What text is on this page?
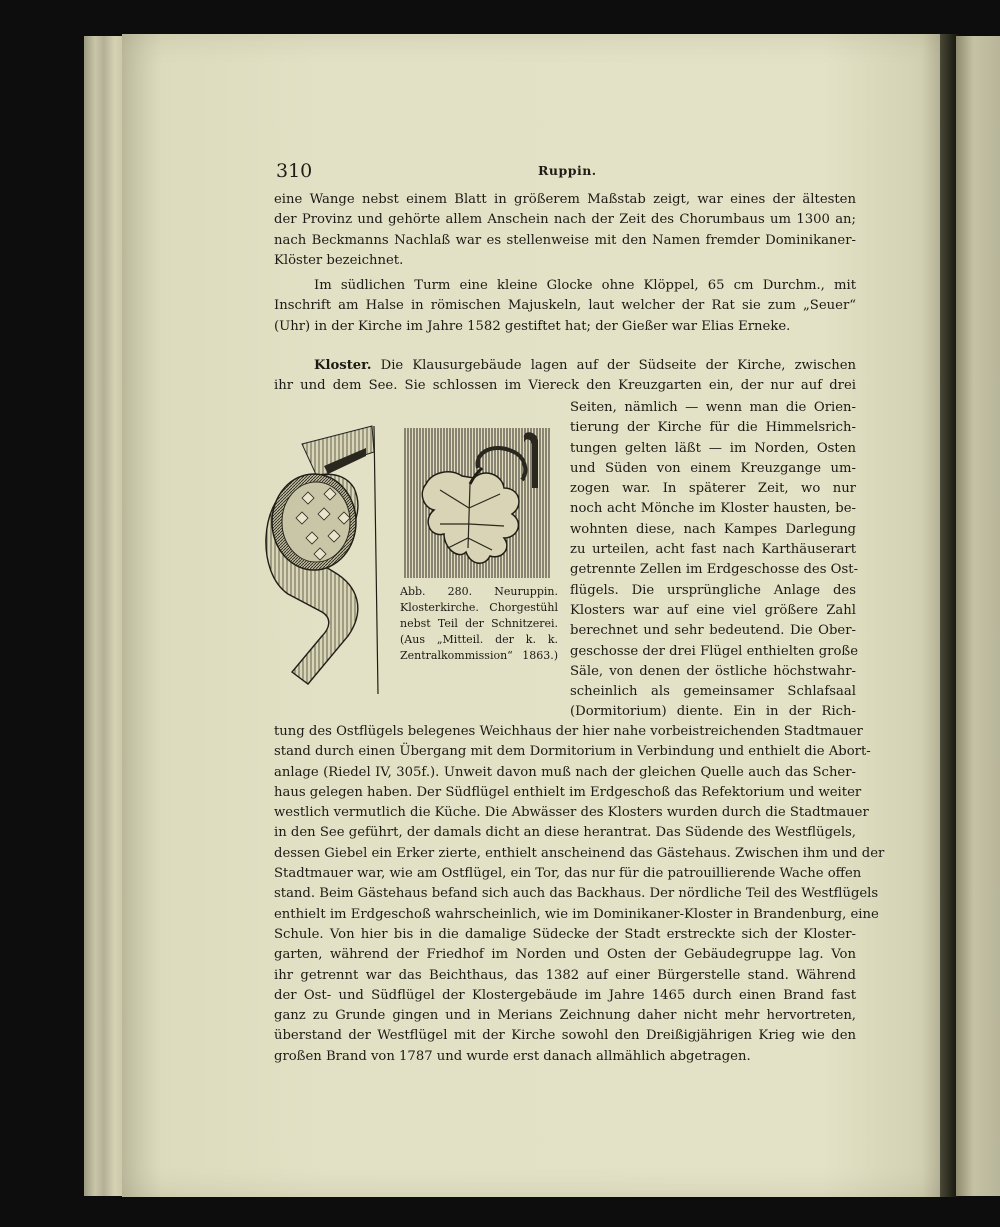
310	Ruppin.
eine Wange nebst einem Blatt in größerem Maßstab zeigt, war eines der ältesten
der Provinz und gehörte allem Anschein nach der Zeit des Chorumbaus um 1300 an;
nach Beckmanns Nachlaß war es stellenweise mit den Namen fremder Dominikaner-
Klöster bezeichnet.
Im südlichen Turm eine kleine Glocke ohne Klöppel, 65 cm Durchm., mit
Inschrift am Halse in römischen Majuskeln, laut welcher der Rat sie zum „Seuer“
(Uhr) in der Kirche im Jahre 1582 gestiftet hat; der Gießer war Elias Erneke.
Kloster. Die Klausurgebäude lagen auf der Südseite der Kirche, zwischen
ihr und dem See. Sie schlossen im Viereck den Kreuzgarten ein, der nur auf drei
Seiten, nämlich — wenn man die Orien-
tierung der Kirche für die Himmelsrich-
tungen gelten läßt — im Norden, Osten
und Süden von einem Kreuzgange um-
zogen war. In späterer Zeit, wo nur
noch acht Mönche im Kloster hausten, be-
wohnten diese, nach Kampes Darlegung
zu urteilen, acht fast nach Karthäuserart
getrennte Zellen im Erdgeschosse des Ost-
flügels. Die ursprüngliche Anlage des
Klosters war auf eine viel größere Zahl
berechnet und sehr bedeutend. Die Ober-
geschosse der drei Flügel enthielten große
Säle, von denen der östliche höchstwahr-
scheinlich als gemeinsamer Schlafsaal
(Dormitorium) diente. Ein in der Rich-
Abb. 280. Neuruppin.
Klosterkirche. Chorgestühl
nebst Teil der Schnitzerei.
(Aus „Mitteil. der k. k.
Zentralkommission“ 1863.)
tung des Ostflügels belegenes Weichhaus der hier nahe vorbeistreichenden Stadtmauer
stand durch einen Übergang mit dem Dormitorium in Verbindung und enthielt die Abort-
anlage (Riedel IV, 305f.). Unweit davon muß nach der gleichen Quelle auch das Scher-
haus gelegen haben. Der Südflügel enthielt im Erdgeschoß das Refektorium und weiter
westlich vermutlich die Küche. Die Abwässer des Klosters wurden durch die Stadtmauer
in den See geführt, der damals dicht an diese herantrat. Das Südende des Westflügels,
dessen Giebel ein Erker zierte, enthielt anscheinend das Gästehaus. Zwischen ihm und der
Stadtmauer war, wie am Ostflügel, ein Tor, das nur für die patrouillierende Wache offen
stand. Beim Gästehaus befand sich auch das Backhaus. Der nördliche Teil des Westflügels
enthielt im Erdgeschoß wahrscheinlich, wie im Dominikaner-Kloster in Brandenburg, eine
Schule. Von hier bis in die damalige Südecke der Stadt erstreckte sich der Kloster-
garten, während der Friedhof im Norden und Osten der Gebäudegruppe lag. Von
ihr getrennt war das Beichthaus, das 1382 auf einer Bürgerstelle stand. Während
der Ost- und Südflügel der Klostergebäude im Jahre 1465 durch einen Brand fast
ganz zu Grunde gingen und in Merians Zeichnung daher nicht mehr hervortreten,
überstand der Westflügel mit der Kirche sowohl den Dreißigjährigen Krieg wie den
großen Brand von 1787 und wurde erst danach allmählich abgetragen.
